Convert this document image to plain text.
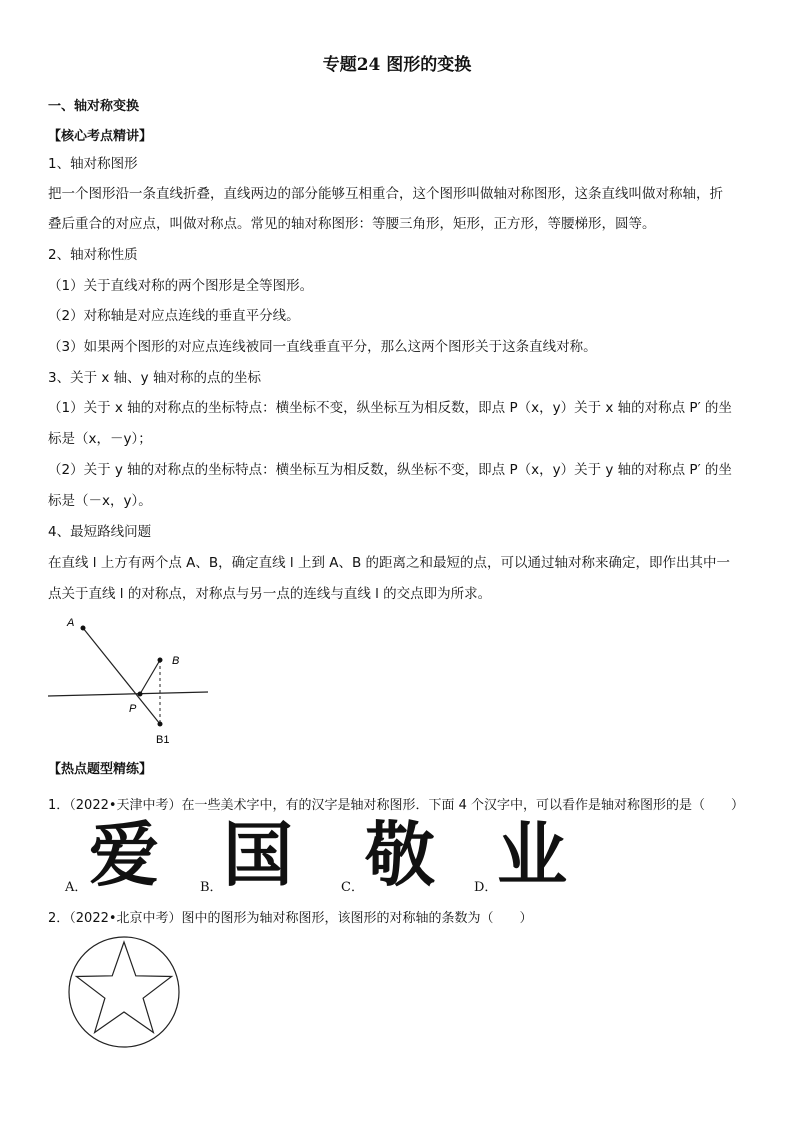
专题24 图形的变换
一、轴对称变换
【核心考点精讲】
1、轴对称图形
把一个图形沿一条直线折叠，直线两边的部分能够互相重合，这个图形叫做轴对称图形，这条直线叫做对称轴，折
叠后重合的对应点，叫做对称点。常见的轴对称图形：等腰三角形，矩形，正方形，等腰梯形，圆等。
2、轴对称性质
（1）关于直线对称的两个图形是全等图形。
（2）对称轴是对应点连线的垂直平分线。
（3）如果两个图形的对应点连线被同一直线垂直平分，那么这两个图形关于这条直线对称。
3、关于 x 轴、y 轴对称的点的坐标
（1）关于 x 轴的对称点的坐标特点：横坐标不变，纵坐标互为相反数，即点 P（x，y）关于 x 轴的对称点 P′ 的坐
标是（x，－y）；
（2）关于 y 轴的对称点的坐标特点：横坐标互为相反数，纵坐标不变，即点 P（x，y）关于 y 轴的对称点 P′ 的坐
标是（－x，y）。
4、最短路线问题
在直线 l 上方有两个点 A、B，确定直线 l 上到 A、B 的距离之和最短的点，可以通过轴对称来确定，即作出其中一
点关于直线 l 的对称点，对称点与另一点的连线与直线 l 的交点即为所求。
A
B
P
B1
【热点题型精练】
1．（2022•天津中考）在一些美术字中，有的汉字是轴对称图形．下面 4 个汉字中，可以看作是轴对称图形的是（　　）
A． 爱	B． 国	C． 敬	D． 业
2．（2022•北京中考）图中的图形为轴对称图形，该图形的对称轴的条数为（　　）
